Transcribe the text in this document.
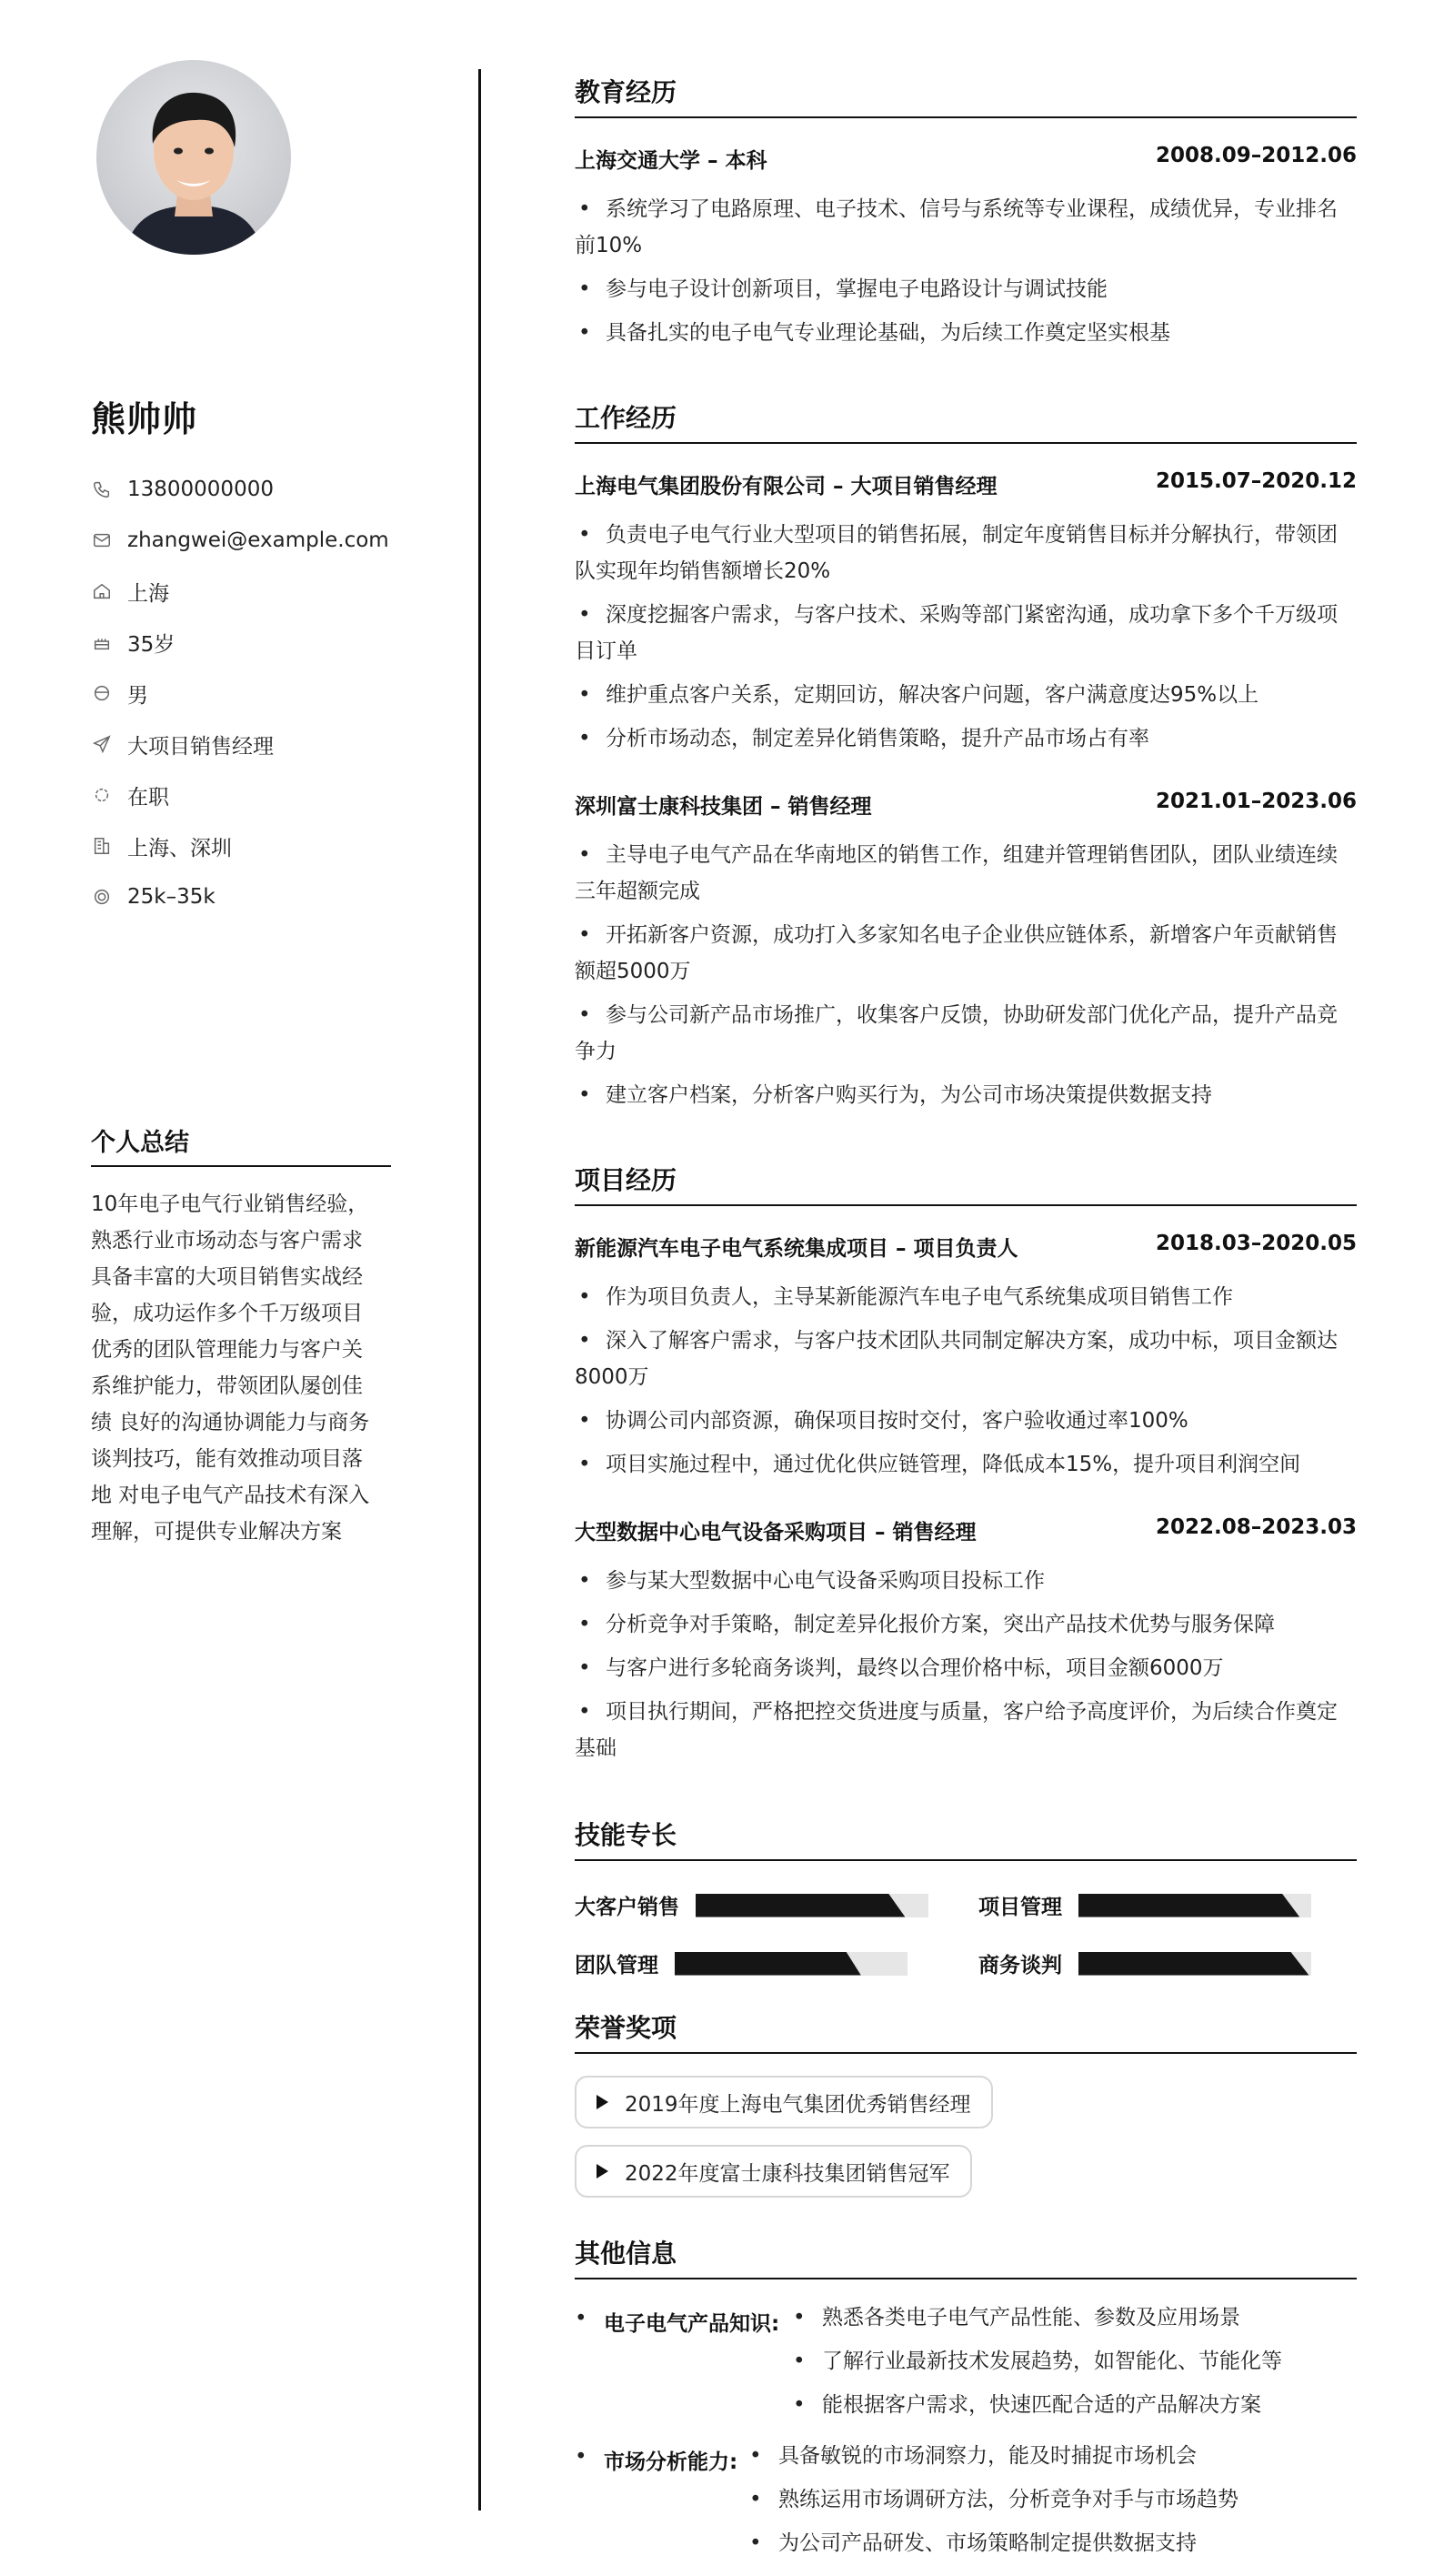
熊帅帅
13800000000
zhangwei@example.com
上海
35岁
男
大项目销售经理
在职
上海、深圳
25k–35k
个人总结
10年电子电气行业销售经验，
熟悉行业市场动态与客户需求
具备丰富的大项目销售实战经
验，成功运作多个千万级项目
优秀的团队管理能力与客户关
系维护能力，带领团队屡创佳
绩 良好的沟通协调能力与商务
谈判技巧，能有效推动项目落
地 对电子电气产品技术有深入
理解，可提供专业解决方案
教育经历
上海交通大学 – 本科	2008.09–2012.06
• 系统学习了电路原理、电子技术、信号与系统等专业课程，成绩优异，专业排名前10%
• 参与电子设计创新项目，掌握电子电路设计与调试技能
• 具备扎实的电子电气专业理论基础，为后续工作奠定坚实根基
工作经历
上海电气集团股份有限公司 – 大项目销售经理	2015.07–2020.12
• 负责电子电气行业大型项目的销售拓展，制定年度销售目标并分解执行，带领团队实现年均销售额增长20%
• 深度挖掘客户需求，与客户技术、采购等部门紧密沟通，成功拿下多个千万级项目订单
• 维护重点客户关系，定期回访，解决客户问题，客户满意度达95%以上
• 分析市场动态，制定差异化销售策略，提升产品市场占有率
深圳富士康科技集团 – 销售经理	2021.01–2023.06
• 主导电子电气产品在华南地区的销售工作，组建并管理销售团队，团队业绩连续三年超额完成
• 开拓新客户资源，成功打入多家知名电子企业供应链体系，新增客户年贡献销售额超5000万
• 参与公司新产品市场推广，收集客户反馈，协助研发部门优化产品，提升产品竞争力
• 建立客户档案，分析客户购买行为，为公司市场决策提供数据支持
项目经历
新能源汽车电子电气系统集成项目 – 项目负责人	2018.03–2020.05
• 作为项目负责人，主导某新能源汽车电子电气系统集成项目销售工作
• 深入了解客户需求，与客户技术团队共同制定解决方案，成功中标，项目金额达8000万
• 协调公司内部资源，确保项目按时交付，客户验收通过率100%
• 项目实施过程中，通过优化供应链管理，降低成本15%，提升项目利润空间
大型数据中心电气设备采购项目 – 销售经理	2022.08–2023.03
• 参与某大型数据中心电气设备采购项目投标工作
• 分析竞争对手策略，制定差异化报价方案，突出产品技术优势与服务保障
• 与客户进行多轮商务谈判，最终以合理价格中标，项目金额6000万
• 项目执行期间，严格把控交货进度与质量，客户给予高度评价，为后续合作奠定基础
技能专长
大客户销售	项目管理
团队管理	商务谈判
荣誉奖项
2019年度上海电气集团优秀销售经理
2022年度富士康科技集团销售冠军
其他信息
• 电子电气产品知识:	• 熟悉各类电子电气产品性能、参数及应用场景
• 了解行业最新技术发展趋势，如智能化、节能化等
• 能根据客户需求，快速匹配合适的产品解决方案
• 市场分析能力:	• 具备敏锐的市场洞察力，能及时捕捉市场机会
• 熟练运用市场调研方法，分析竞争对手与市场趋势
• 为公司产品研发、市场策略制定提供数据支持
